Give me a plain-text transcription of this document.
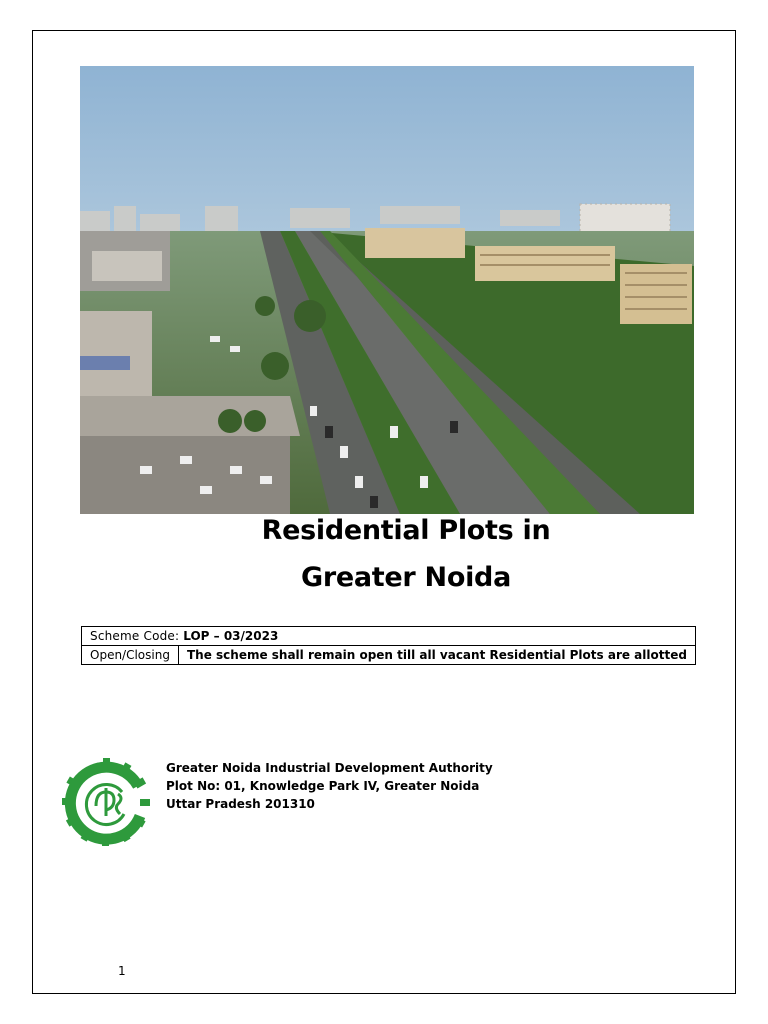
Residential Plots in
Greater Noida
Scheme Code: LOP – 03/2023
Open/Closing	The scheme shall remain open till all vacant Residential Plots are allotted
Greater Noida Industrial Development Authority
Plot No: 01, Knowledge Park IV, Greater Noida
Uttar Pradesh 201310
1
